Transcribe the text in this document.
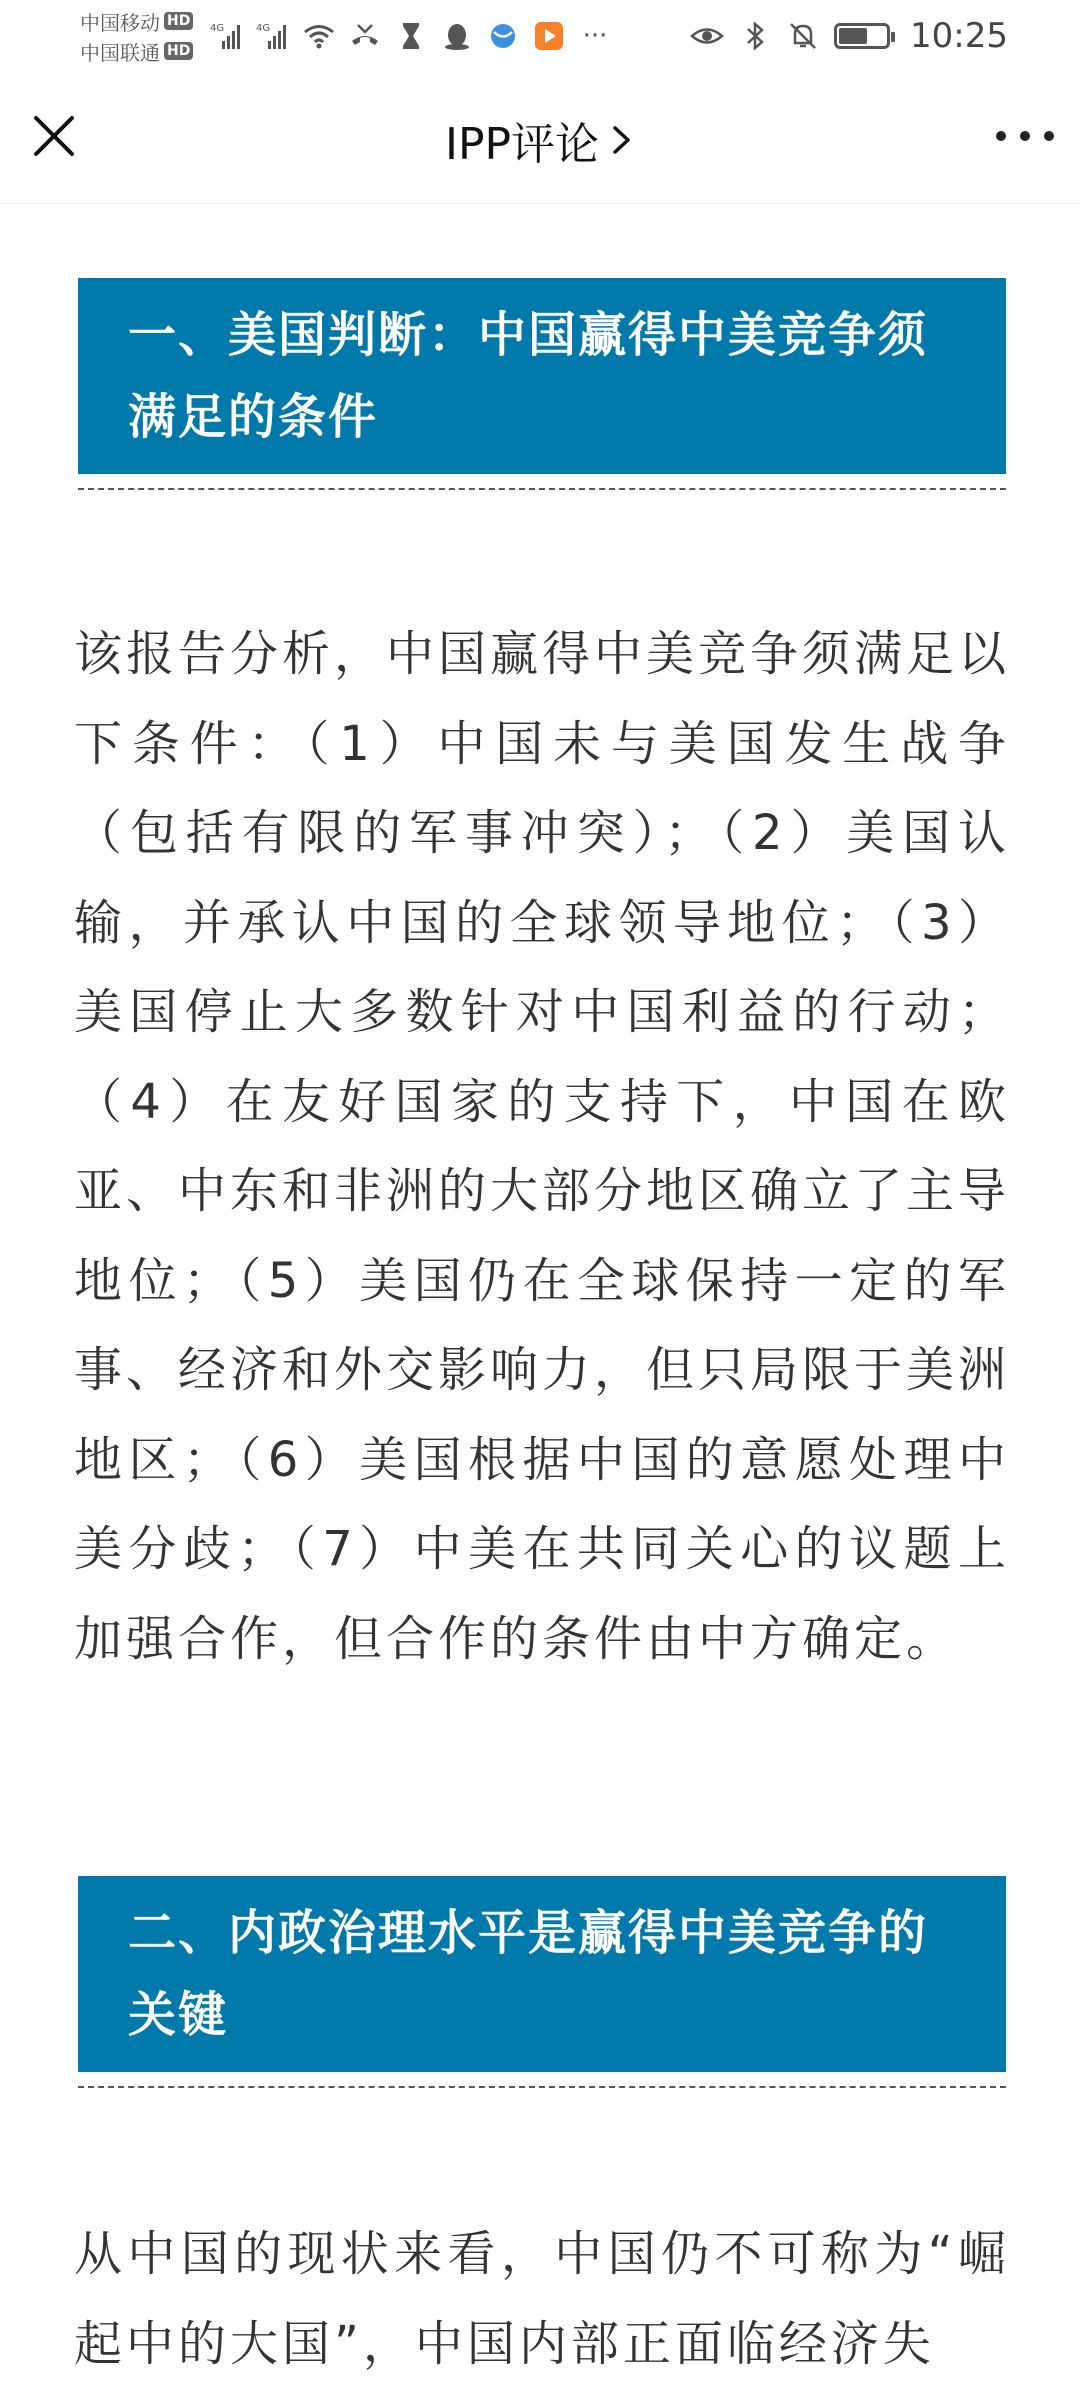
中国移动 HD
中国联通 HD
4G	4G	···	10:25
IPP评论
一、美国判断：中国赢得中美竞争须满足的条件
该报告分析，中国赢得中美竞争须满足以下条件：（1）中国未与美国发生战争（包括有限的军事冲突）；（2）美国认输，并承认中国的全球领导地位；（3）美国停止大多数针对中国利益的行动；（4）在友好国家的支持下，中国在欧亚、中东和非洲的大部分地区确立了主导地位；（5）美国仍在全球保持一定的军事、经济和外交影响力，但只局限于美洲地区；（6）美国根据中国的意愿处理中美分歧；（7）中美在共同关心的议题上加强合作，但合作的条件由中方确定。
二、内政治理水平是赢得中美竞争的关键
从中国的现状来看，中国仍不可称为“崛起中的大国”，中国内部正面临经济失
